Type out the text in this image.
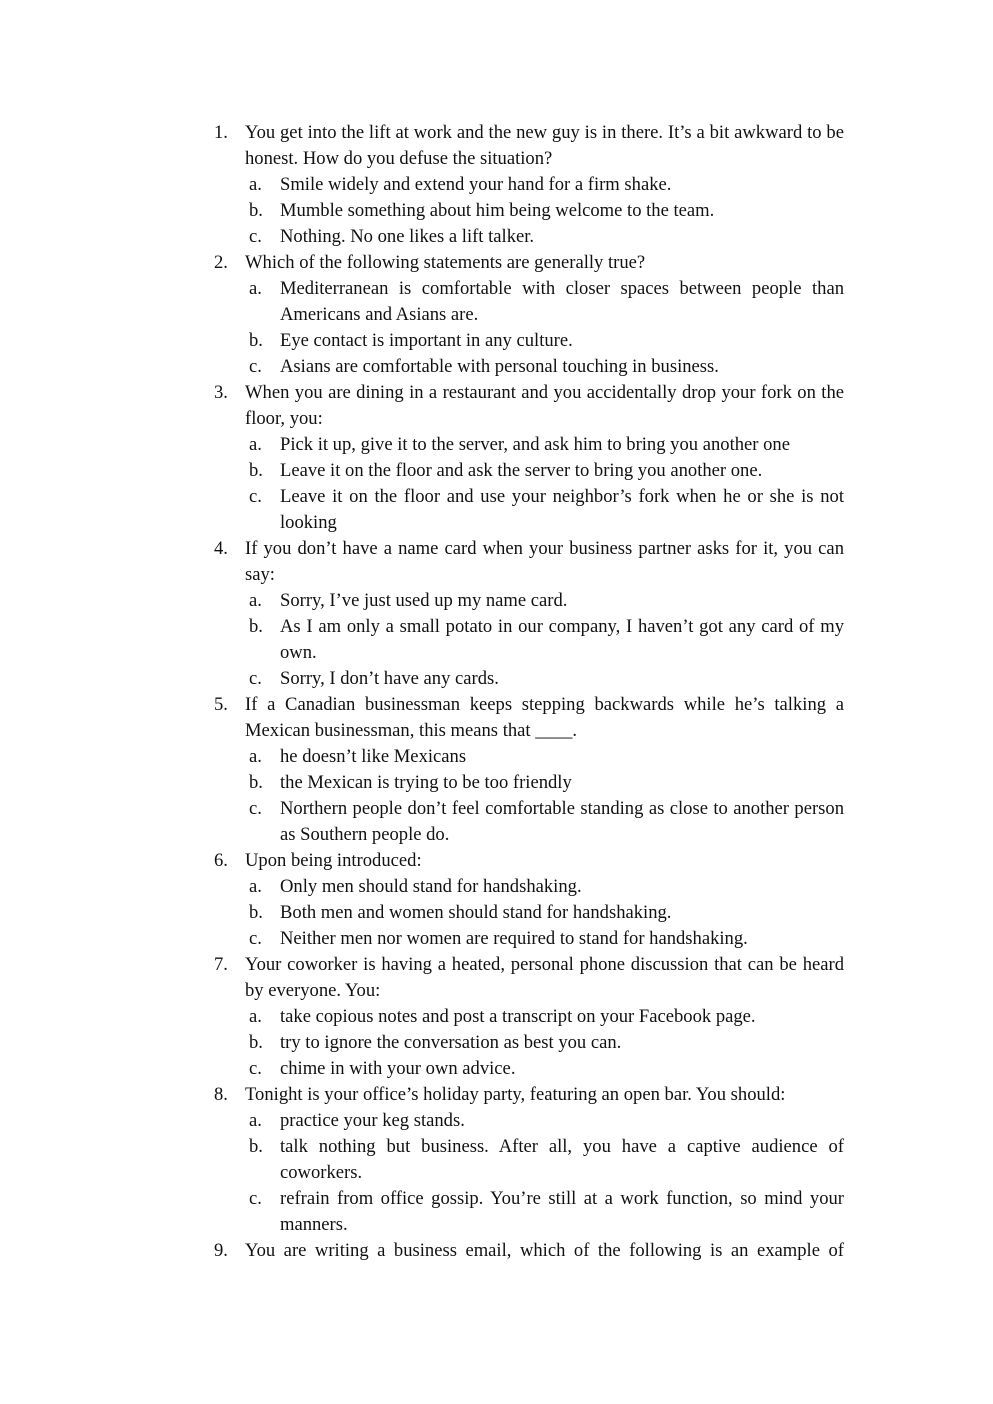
1. You get into the lift at work and the new guy is in there. It’s a bit awkward to be honest. How do you defuse the situation?
a. Smile widely and extend your hand for a firm shake.
b. Mumble something about him being welcome to the team.
c. Nothing. No one likes a lift talker.
2. Which of the following statements are generally true?
a. Mediterranean is comfortable with closer spaces between people than Americans and Asians are.
b. Eye contact is important in any culture.
c. Asians are comfortable with personal touching in business.
3. When you are dining in a restaurant and you accidentally drop your fork on the floor, you:
a. Pick it up, give it to the server, and ask him to bring you another one
b. Leave it on the floor and ask the server to bring you another one.
c. Leave it on the floor and use your neighbor’s fork when he or she is not looking
4. If you don’t have a name card when your business partner asks for it, you can say:
a. Sorry, I’ve just used up my name card.
b. As I am only a small potato in our company, I haven’t got any card of my own.
c. Sorry, I don’t have any cards.
5. If a Canadian businessman keeps stepping backwards while he’s talking a Mexican businessman, this means that ____.
a. he doesn’t like Mexicans
b. the Mexican is trying to be too friendly
c. Northern people don’t feel comfortable standing as close to another person as Southern people do.
6. Upon being introduced:
a. Only men should stand for handshaking.
b. Both men and women should stand for handshaking.
c. Neither men nor women are required to stand for handshaking.
7. Your coworker is having a heated, personal phone discussion that can be heard by everyone. You:
a. take copious notes and post a transcript on your Facebook page.
b. try to ignore the conversation as best you can.
c. chime in with your own advice.
8. Tonight is your office’s holiday party, featuring an open bar. You should:
a. practice your keg stands.
b. talk nothing but business. After all, you have a captive audience of coworkers.
c. refrain from office gossip. You’re still at a work function, so mind your manners.
9. You are writing a business email, which of the following is an example of
